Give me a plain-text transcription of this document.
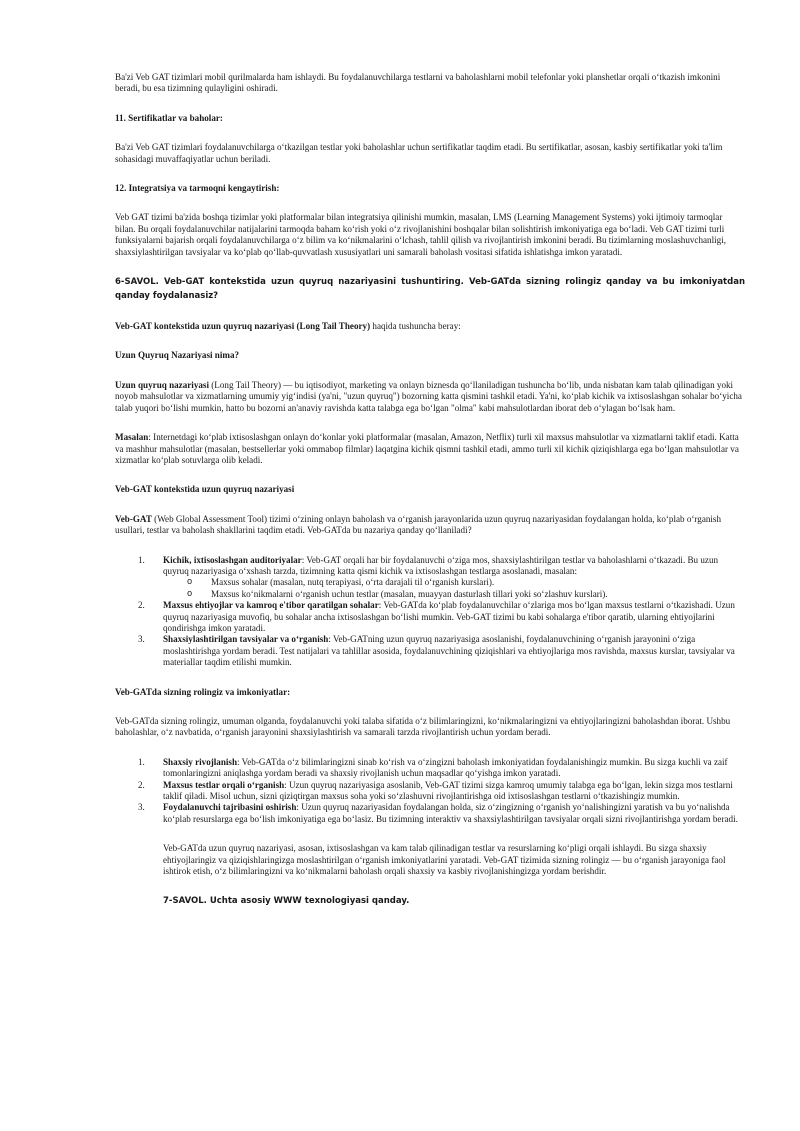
Ba'zi Veb GAT tizimlari mobil qurilmalarda ham ishlaydi. Bu foydalanuvchilarga testlarni va baholashlarni mobil telefonlar yoki planshetlar orqali oʻtkazish imkonini beradi, bu esa tizimning qulayligini oshiradi.

11. Sertifikatlar va baholar:

Ba'zi Veb GAT tizimlari foydalanuvchilarga oʻtkazilgan testlar yoki baholashlar uchun sertifikatlar taqdim etadi. Bu sertifikatlar, asosan, kasbiy sertifikatlar yoki ta'lim sohasidagi muvaffaqiyatlar uchun beriladi.

12. Integratsiya va tarmoqni kengaytirish:

Veb GAT tizimi ba'zida boshqa tizimlar yoki platformalar bilan integratsiya qilinishi mumkin, masalan, LMS (Learning Management Systems) yoki ijtimoiy tarmoqlar bilan. Bu orqali foydalanuvchilar natijalarini tarmoqda baham koʻrish yoki oʻz rivojlanishini boshqalar bilan solishtirish imkoniyatiga ega boʻladi. Veb GAT tizimi turli funksiyalarni bajarish orqali foydalanuvchilarga oʻz bilim va koʻnikmalarini oʻlchash, tahlil qilish va rivojlantirish imkonini beradi. Bu tizimlarning moslashuvchanligi, shaxsiylashtirilgan tavsiyalar va koʻplab qoʻllab-quvvatlash xususiyatlari uni samarali baholash vositasi sifatida ishlatishga imkon yaratadi.

6-SAVOL. Veb-GAT kontekstida uzun quyruq nazariyasini tushuntiring. Veb-GATda sizning rolingiz qanday va bu imkoniyatdan qanday foydalanasiz?

Veb-GAT kontekstida uzun quyruq nazariyasi (Long Tail Theory) haqida tushuncha beray:

Uzun Quyruq Nazariyasi nima?

Uzun quyruq nazariyasi (Long Tail Theory) — bu iqtisodiyot, marketing va onlayn biznesda qoʻllaniladigan tushuncha boʻlib, unda nisbatan kam talab qilinadigan yoki noyob mahsulotlar va xizmatlarning umumiy yigʻindisi (ya'ni, "uzun quyruq") bozorning katta qismini tashkil etadi. Ya'ni, koʻplab kichik va ixtisoslashgan sohalar boʻyicha talab yuqori boʻlishi mumkin, hatto bu bozorni an'anaviy ravishda katta talabga ega boʻlgan "olma" kabi mahsulotlardan iborat deb oʻylagan boʻlsak ham.

Masalan: Internetdagi koʻplab ixtisoslashgan onlayn doʻkonlar yoki platformalar (masalan, Amazon, Netflix) turli xil maxsus mahsulotlar va xizmatlarni taklif etadi. Katta va mashhur mahsulotlar (masalan, bestsellerlar yoki ommabop filmlar) laqatgina kichik qismni tashkil etadi, ammo turli xil kichik qiziqishlarga ega boʻlgan mahsulotlar va xizmatlar koʻplab sotuvlarga olib keladi.

Veb-GAT kontekstida uzun quyruq nazariyasi

Veb-GAT (Web Global Assessment Tool) tizimi oʻzining onlayn baholash va oʻrganish jarayonlarida uzun quyruq nazariyasidan foydalangan holda, koʻplab oʻrganish usullari, testlar va baholash shakllarini taqdim etadi. Veb-GATda bu nazariya qanday qoʻllaniladi?

1. Kichik, ixtisoslashgan auditoriyalar: Veb-GAT orqali har bir foydalanuvchi oʻziga mos, shaxsiylashtirilgan testlar va baholashlarni oʻtkazadi. Bu uzun quyruq nazariyasiga oʻxshash tarzda, tizimning katta qismi kichik va ixtisoslashgan testlarga asoslanadi, masalan:
o Maxsus sohalar (masalan, nutq terapiyasi, oʻrta darajali til oʻrganish kurslari).
o Maxsus koʻnikmalarni oʻrganish uchun testlar (masalan, muayyan dasturlash tillari yoki soʻzlashuv kurslari).
2. Maxsus ehtiyojlar va kamroq e'tibor qaratilgan sohalar: Veb-GATda koʻplab foydalanuvchilar oʻzlariga mos boʻlgan maxsus testlarni oʻtkazishadi. Uzun quyruq nazariyasiga muvofiq, bu sohalar ancha ixtisoslashgan boʻlishi mumkin. Veb-GAT tizimi bu kabi sohalarga e'tibor qaratib, ularning ehtiyojlarini qondirishga imkon yaratadi.
3. Shaxsiylashtirilgan tavsiyalar va oʻrganish: Veb-GATning uzun quyruq nazariyasiga asoslanishi, foydalanuvchining oʻrganish jarayonini oʻziga moslashtirishga yordam beradi. Test natijalari va tahlillar asosida, foydalanuvchining qiziqishlari va ehtiyojlariga mos ravishda, maxsus kurslar, tavsiyalar va materiallar taqdim etilishi mumkin.

Veb-GATda sizning rolingiz va imkoniyatlar:

Veb-GATda sizning rolingiz, umuman olganda, foydalanuvchi yoki talaba sifatida oʻz bilimlaringizni, koʻnikmalaringizni va ehtiyojlaringizni baholashdan iborat. Ushbu baholashlar, oʻz navbatida, oʻrganish jarayonini shaxsiylashtirish va samarali tarzda rivojlantirish uchun yordam beradi.

1. Shaxsiy rivojlanish: Veb-GATda oʻz bilimlaringizni sinab koʻrish va oʻzingizni baholash imkoniyatidan foydalanishingiz mumkin. Bu sizga kuchli va zaif tomonlaringizni aniqlashga yordam beradi va shaxsiy rivojlanish uchun maqsadlar qoʻyishga imkon yaratadi.
2. Maxsus testlar orqali oʻrganish: Uzun quyruq nazariyasiga asoslanib, Veb-GAT tizimi sizga kamroq umumiy talabga ega boʻlgan, lekin sizga mos testlarni taklif qiladi. Misol uchun, sizni qiziqtirgan maxsus soha yoki soʻzlashuvni rivojlantirishga oid ixtisoslashgan testlarni oʻtkazishingiz mumkin.
3. Foydalanuvchi tajribasini oshirish: Uzun quyruq nazariyasidan foydalangan holda, siz oʻzingizning oʻrganish yoʻnalishingizni yaratish va bu yoʻnalishda koʻplab resurslarga ega boʻlish imkoniyatiga ega boʻlasiz. Bu tizimning interaktiv va shaxsiylashtirilgan tavsiyalar orqali sizni rivojlantirishga yordam beradi.

Veb-GATda uzun quyruq nazariyasi, asosan, ixtisoslashgan va kam talab qilinadigan testlar va resurslarning koʻpligi orqali ishlaydi. Bu sizga shaxsiy ehtiyojlaringiz va qiziqishlaringizga moslashtirilgan oʻrganish imkoniyatlarini yaratadi. Veb-GAT tizimida sizning rolingiz — bu oʻrganish jarayoniga faol ishtirok etish, oʻz bilimlaringizni va koʻnikmalarni baholash orqali shaxsiy va kasbiy rivojlanishingizga yordam berishdir.

7-SAVOL. Uchta asosiy WWW texnologiyasi qanday.
